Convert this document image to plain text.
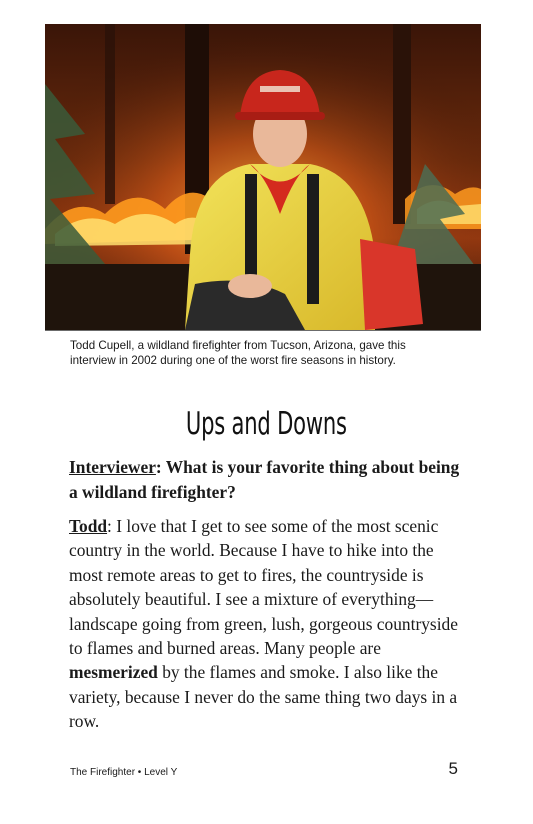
Todd Cupell, a wildland firefighter from Tucson, Arizona, gave this
interview in 2002 during one of the worst fire seasons in history.
Ups and Downs
Interviewer: What is your favorite thing about being a wildland firefighter?
Todd: I love that I get to see some of the most scenic country in the world. Because I have to hike into the most remote areas to get to fires, the countryside is absolutely beautiful. I see a mixture of everything—landscape going from green, lush, gorgeous countryside to flames and burned areas. Many people are mesmerized by the flames and smoke. I also like the variety, because I never do the same thing two days in a row.
The Firefighter • Level Y	5
